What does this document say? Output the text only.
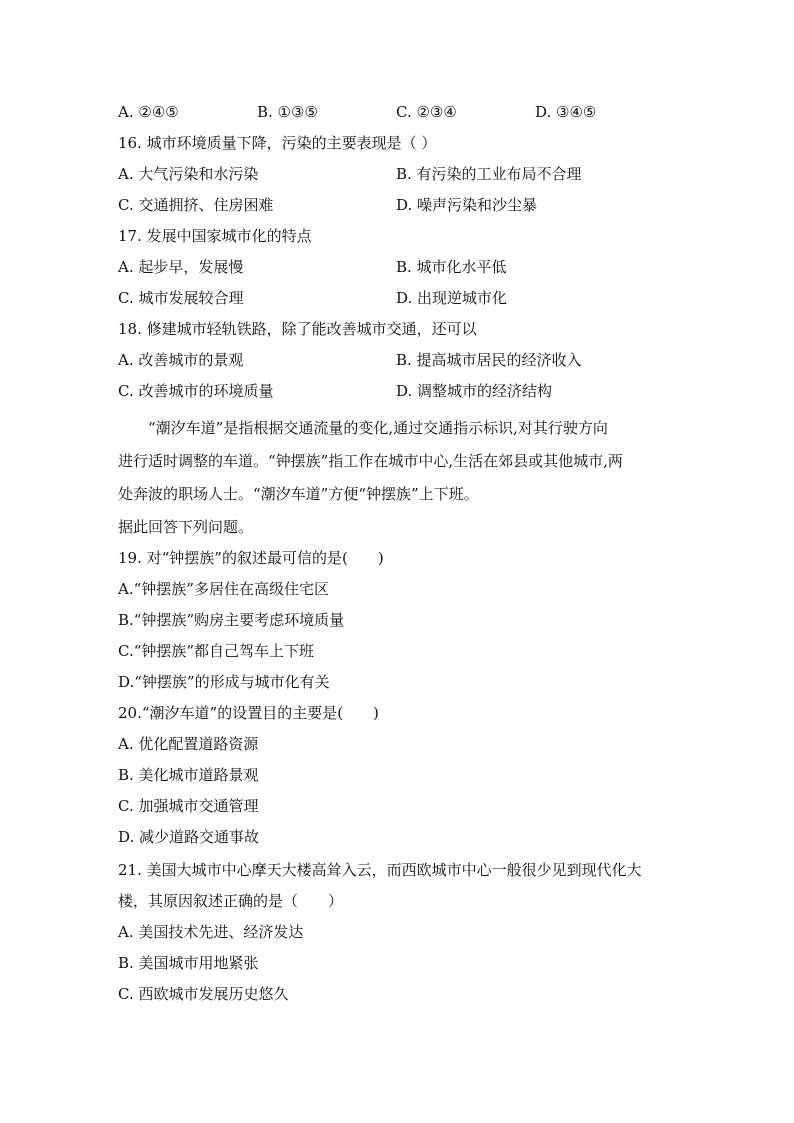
A. ②④⑤	B. ①③⑤	C. ②③④	D. ③④⑤
16. 城市环境质量下降，污染的主要表现是（ ）
A. 大气污染和水污染	B. 有污染的工业布局不合理
C. 交通拥挤、住房困难	D. 噪声污染和沙尘暴
17. 发展中国家城市化的特点
A. 起步早，发展慢	B. 城市化水平低
C. 城市发展较合理	D. 出现逆城市化
18. 修建城市轻轨铁路，除了能改善城市交通，还可以
A. 改善城市的景观	B. 提高城市居民的经济收入
C. 改善城市的环境质量	D. 调整城市的经济结构
　　“潮汐车道”是指根据交通流量的变化,通过交通指示标识,对其行驶方向
进行适时调整的车道。“钟摆族”指工作在城市中心,生活在郊县或其他城市,两
处奔波的职场人士。“潮汐车道”方便“钟摆族”上下班。
据此回答下列问题。
19. 对“钟摆族”的叙述最可信的是(　　)
A.“钟摆族”多居住在高级住宅区
B.“钟摆族”购房主要考虑环境质量
C.“钟摆族”都自己驾车上下班
D.“钟摆族”的形成与城市化有关
20.“潮汐车道”的设置目的主要是(　　)
A. 优化配置道路资源
B. 美化城市道路景观
C. 加强城市交通管理
D. 减少道路交通事故
21. 美国大城市中心摩天大楼高耸入云，而西欧城市中心一般很少见到现代化大
楼，其原因叙述正确的是（　　）
A. 美国技术先进、经济发达
B. 美国城市用地紧张
C. 西欧城市发展历史悠久
